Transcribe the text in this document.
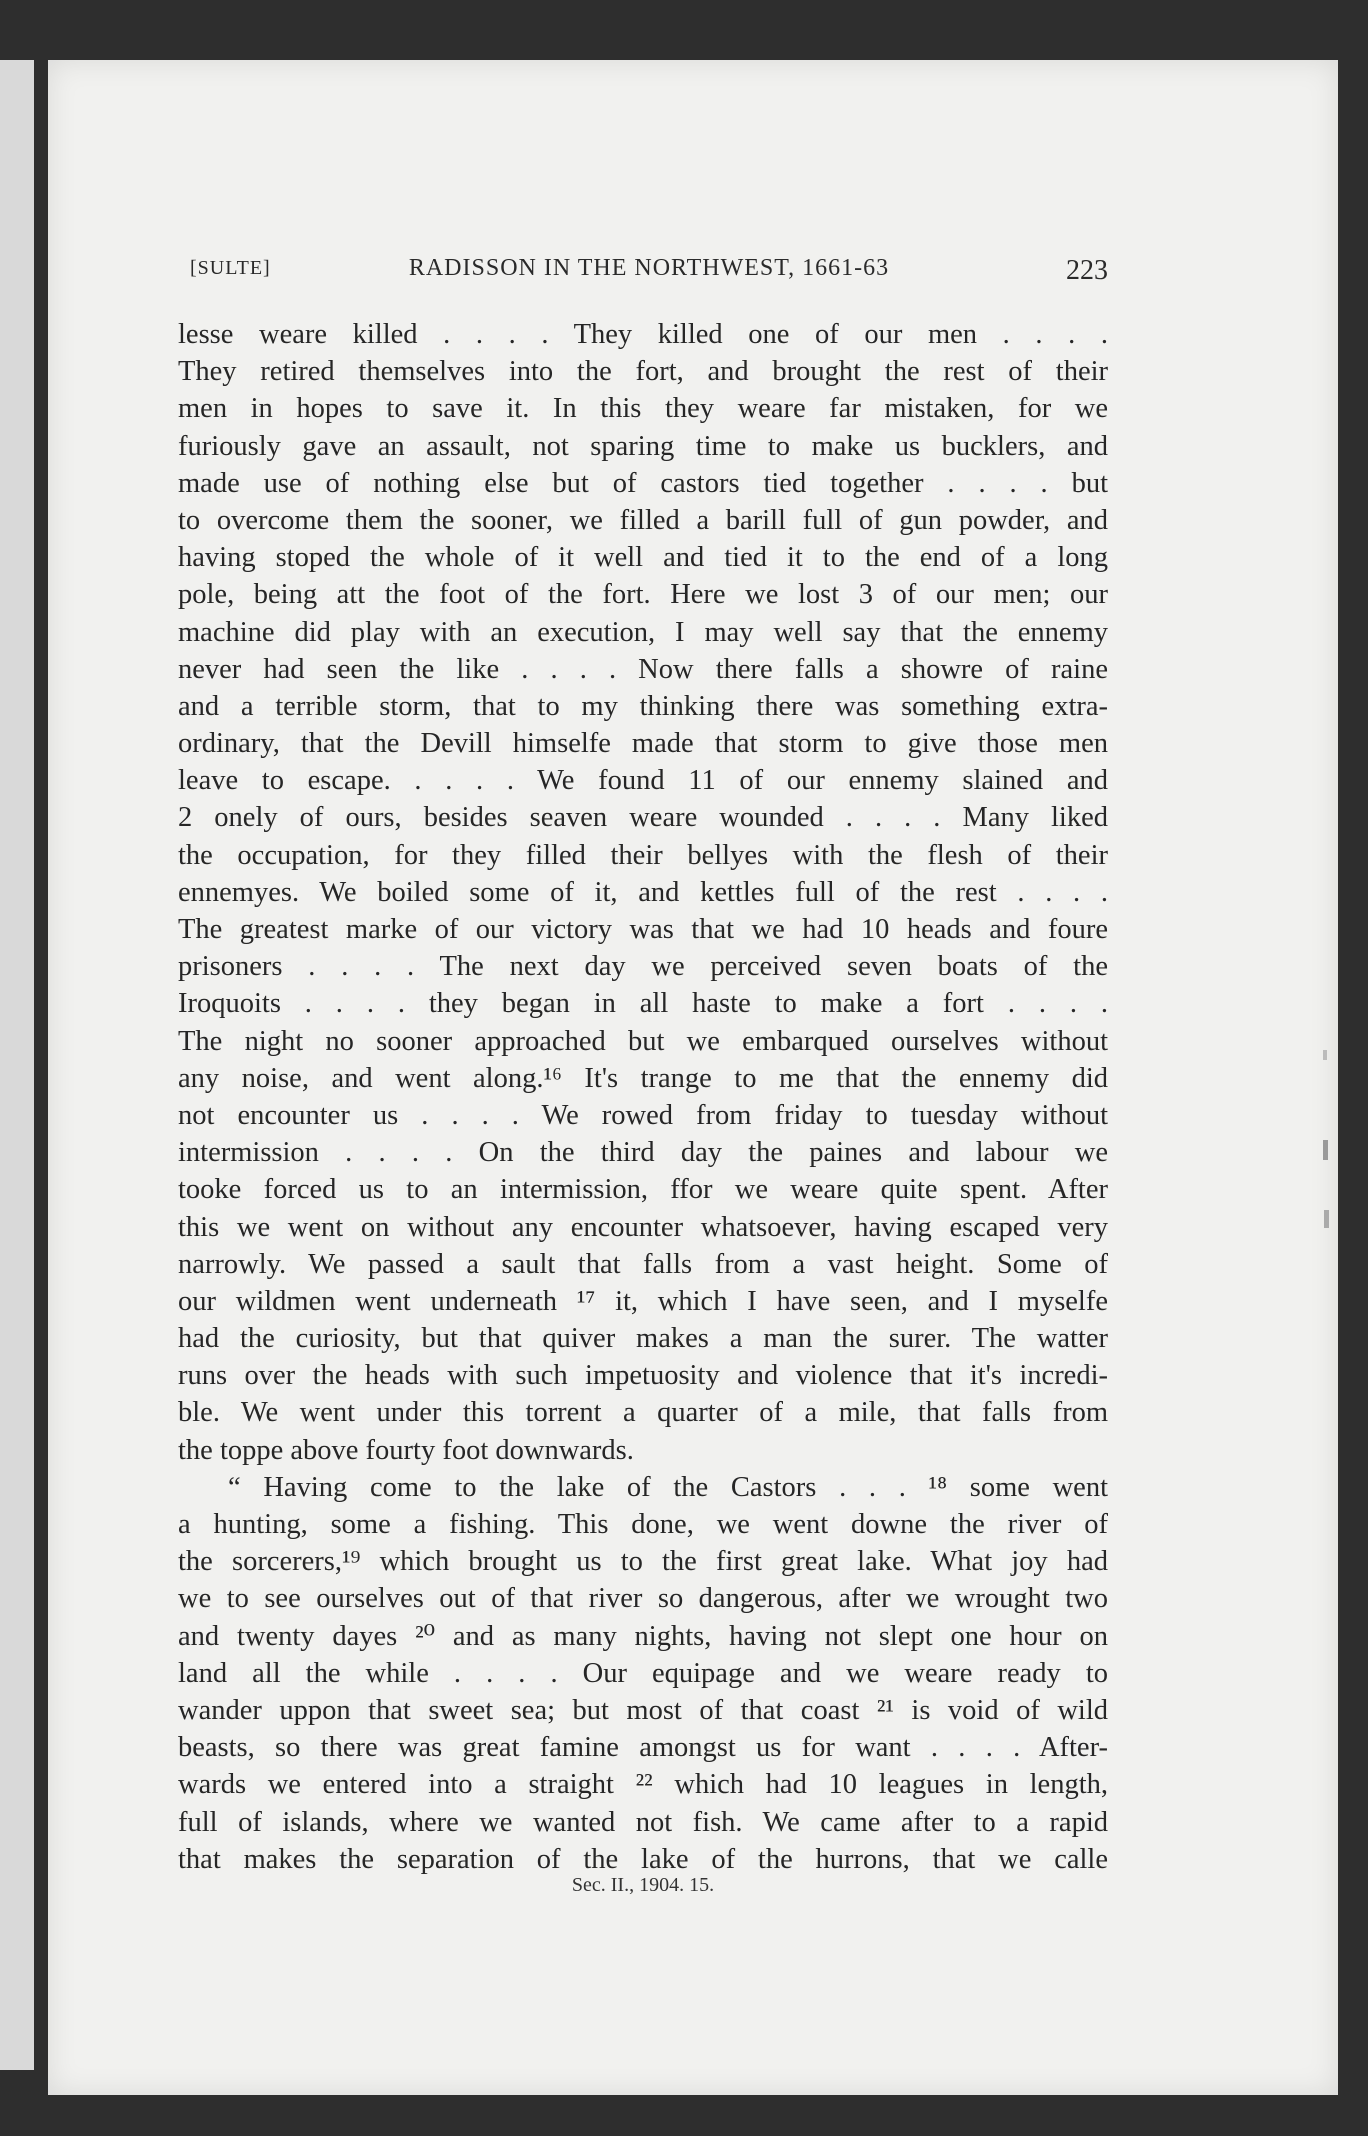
[SULTE]	RADISSON IN THE NORTHWEST, 1661-63	223
lesse weare killed . . . . They killed one of our men . . . .
They retired themselves into the fort, and brought the rest of their
men in hopes to save it. In this they weare far mistaken, for we
furiously gave an assault, not sparing time to make us bucklers, and
made use of nothing else but of castors tied together . . . . but
to overcome them the sooner, we filled a barill full of gun powder, and
having stoped the whole of it well and tied it to the end of a long
pole, being att the foot of the fort. Here we lost 3 of our men; our
machine did play with an execution, I may well say that the ennemy
never had seen the like . . . . Now there falls a showre of raine
and a terrible storm, that to my thinking there was something extra-
ordinary, that the Devill himselfe made that storm to give those men
leave to escape. . . . . We found 11 of our ennemy slained and
2 onely of ours, besides seaven weare wounded . . . . Many liked
the occupation, for they filled their bellyes with the flesh of their
ennemyes. We boiled some of it, and kettles full of the rest . . . .
The greatest marke of our victory was that we had 10 heads and foure
prisoners . . . . The next day we perceived seven boats of the
Iroquoits . . . . they began in all haste to make a fort . . . .
The night no sooner approached but we embarqued ourselves without
any noise, and went along.¹⁶ It's trange to me that the ennemy did
not encounter us . . . . We rowed from friday to tuesday without
intermission . . . . On the third day the paines and labour we
tooke forced us to an intermission, ffor we weare quite spent. After
this we went on without any encounter whatsoever, having escaped very
narrowly. We passed a sault that falls from a vast height. Some of
our wildmen went underneath ¹⁷ it, which I have seen, and I myselfe
had the curiosity, but that quiver makes a man the surer. The watter
runs over the heads with such impetuosity and violence that it's incredi-
ble. We went under this torrent a quarter of a mile, that falls from
the toppe above fourty foot downwards.
“ Having come to the lake of the Castors . . . ¹⁸ some went
a hunting, some a fishing. This done, we went downe the river of
the sorcerers,¹⁹ which brought us to the first great lake. What joy had
we to see ourselves out of that river so dangerous, after we wrought two
and twenty dayes ²⁰ and as many nights, having not slept one hour on
land all the while . . . . Our equipage and we weare ready to
wander uppon that sweet sea; but most of that coast ²¹ is void of wild
beasts, so there was great famine amongst us for want . . . . After-
wards we entered into a straight ²² which had 10 leagues in length,
full of islands, where we wanted not fish. We came after to a rapid
that makes the separation of the lake of the hurrons, that we calle
Sec. II., 1904. 15.
